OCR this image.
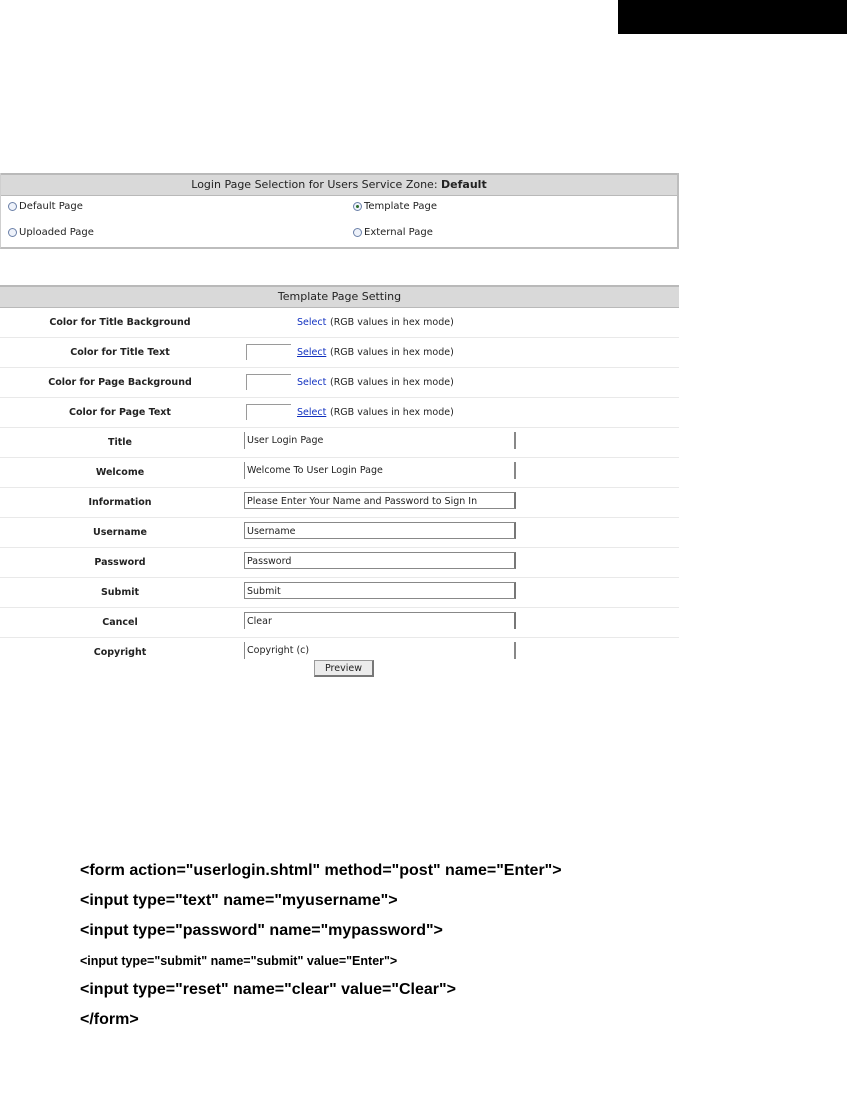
Login Page Selection for Users Service Zone: Default
Default Page	Template Page
Uploaded Page	External Page
Template Page Setting
Color for Title Background	Select (RGB values in hex mode)
Color for Title Text	Select (RGB values in hex mode)
Color for Page Background	Select (RGB values in hex mode)
Color for Page Text	Select (RGB values in hex mode)
Title	User Login Page
Welcome	Welcome To User Login Page
Information	Please Enter Your Name and Password to Sign In
Username	Username
Password	Password
Submit	Submit
Cancel	Clear
Copyright	Copyright (c)
Preview
<form action="userlogin.shtml" method="post" name="Enter">
<input type="text" name="myusername">
<input type="password" name="mypassword">
<input type="submit" name="submit" value="Enter">
<input type="reset" name="clear" value="Clear">
</form>
